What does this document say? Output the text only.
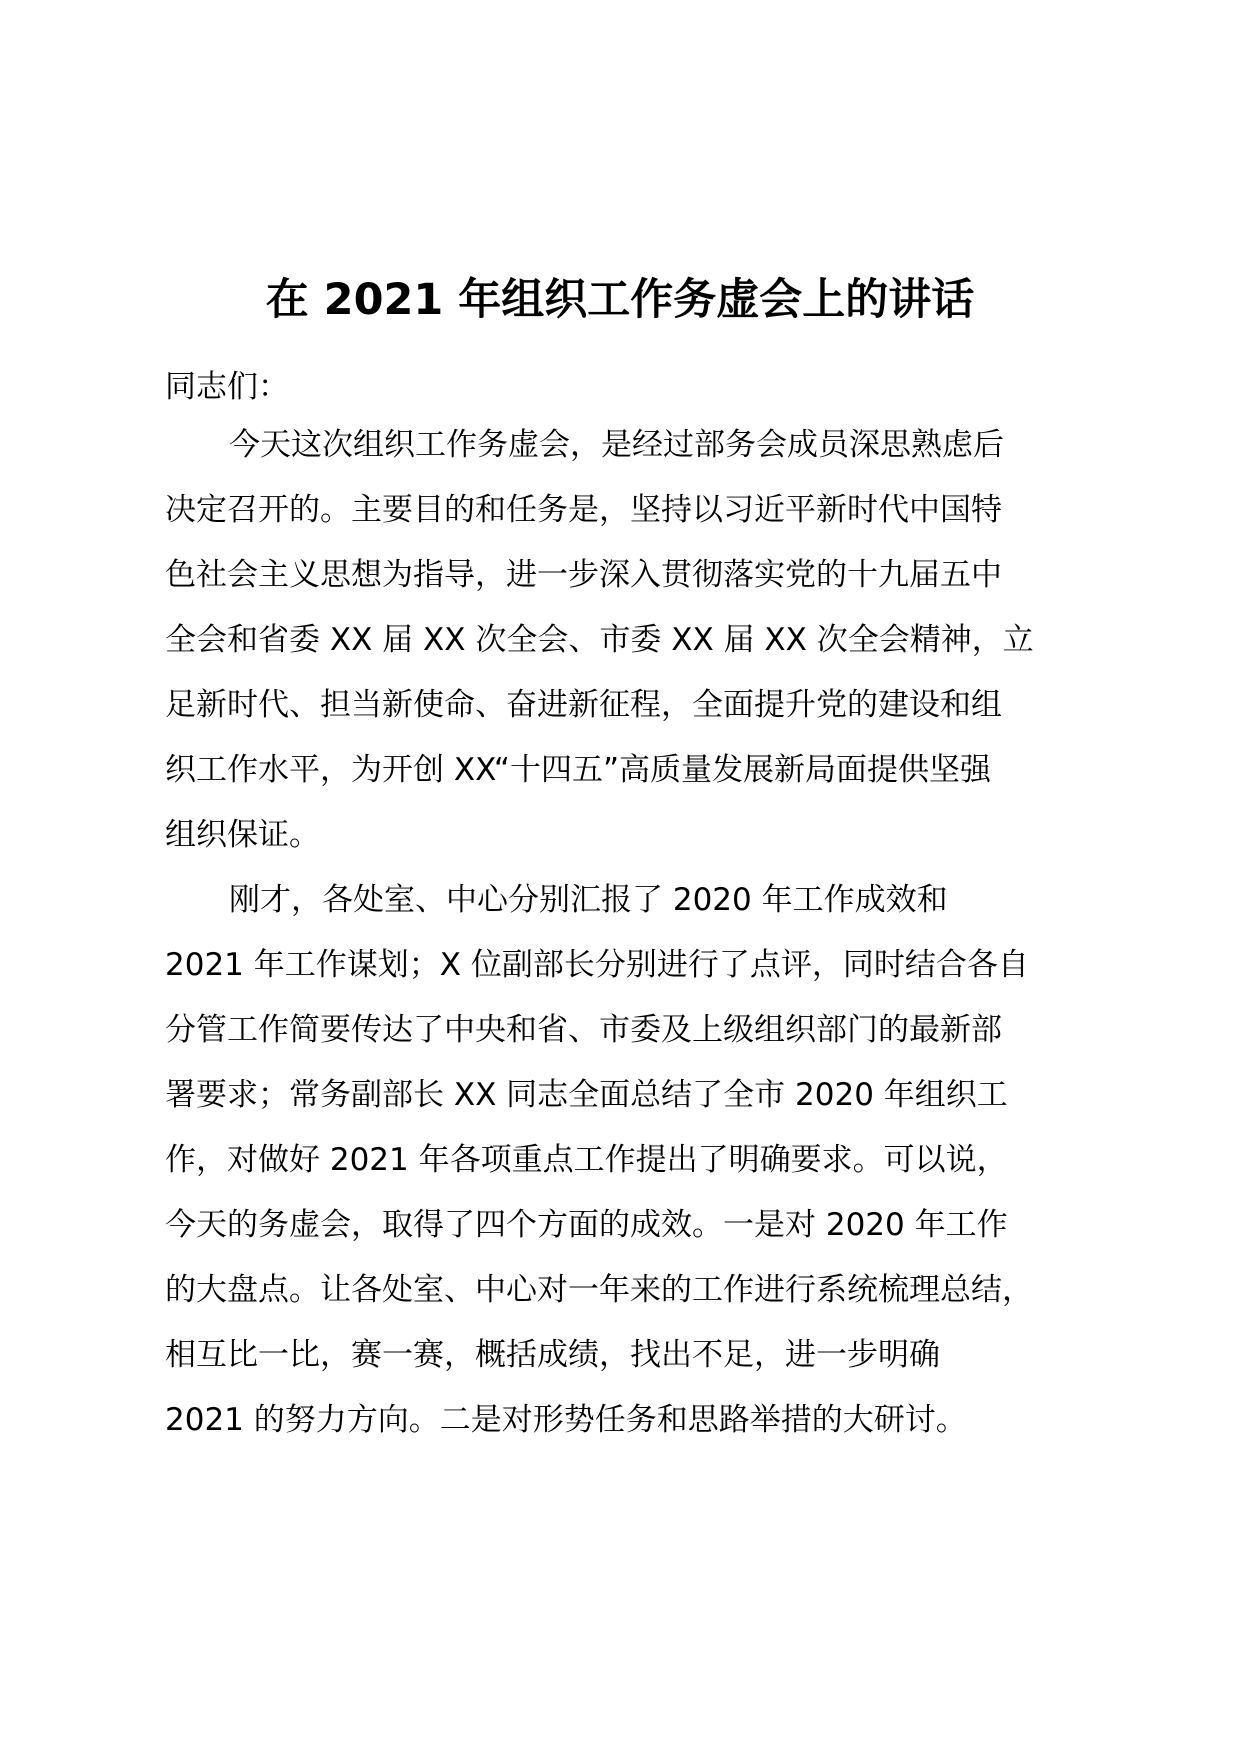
在 2021 年组织工作务虚会上的讲话
同志们：
今天这次组织工作务虚会，是经过部务会成员深思熟虑后
决定召开的。主要目的和任务是，坚持以习近平新时代中国特
色社会主义思想为指导，进一步深入贯彻落实党的十九届五中
全会和省委 XX 届 XX 次全会、市委 XX 届 XX 次全会精神，立
足新时代、担当新使命、奋进新征程，全面提升党的建设和组
织工作水平，为开创 XX“十四五”高质量发展新局面提供坚强
组织保证。
刚才，各处室、中心分别汇报了 2020 年工作成效和
2021 年工作谋划；X 位副部长分别进行了点评，同时结合各自
分管工作简要传达了中央和省、市委及上级组织部门的最新部
署要求；常务副部长 XX 同志全面总结了全市 2020 年组织工
作，对做好 2021 年各项重点工作提出了明确要求。可以说，
今天的务虚会，取得了四个方面的成效。一是对 2020 年工作
的大盘点。让各处室、中心对一年来的工作进行系统梳理总结，
相互比一比，赛一赛，概括成绩，找出不足，进一步明确
2021 的努力方向。二是对形势任务和思路举措的大研讨。
